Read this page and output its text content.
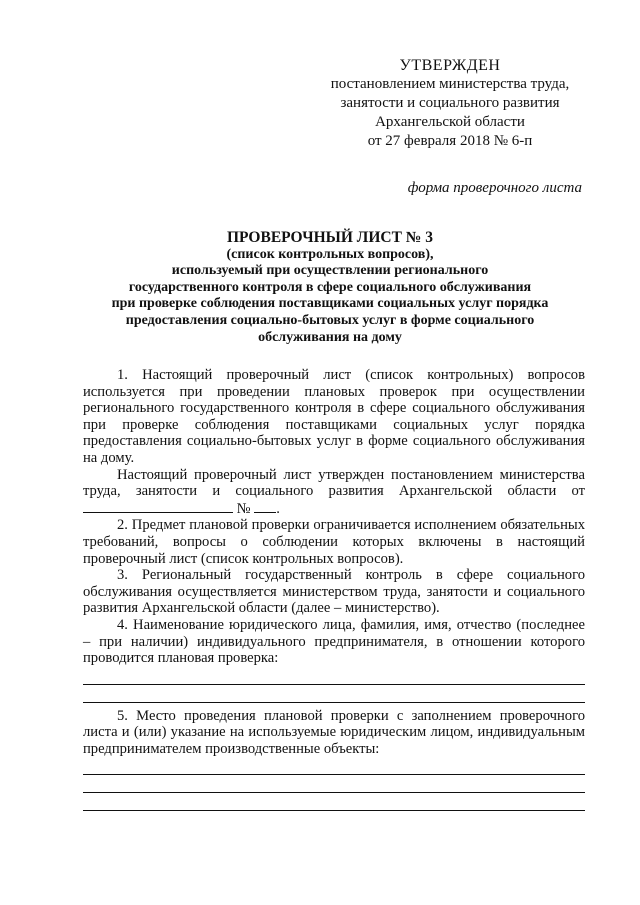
УТВЕРЖДЕН
постановлением министерства труда,
занятости и социального развития
Архангельской области
от 27 февраля 2018 № 6-п
форма проверочного листа
ПРОВЕРОЧНЫЙ ЛИСТ № 3
(список контрольных вопросов),
используемый при осуществлении регионального
государственного контроля в сфере социального обслуживания
при проверке соблюдения поставщиками социальных услуг порядка
предоставления социально-бытовых услуг в форме социального
обслуживания на дому

1. Настоящий проверочный лист (список контрольных) вопросов используется при проведении плановых проверок при осуществлении регионального государственного контроля в сфере социального обслуживания при проверке соблюдения поставщиками социальных услуг порядка предоставления социально-бытовых услуг в форме социального обслуживания на дому.

Настоящий проверочный лист утвержден постановлением министерства труда, занятости и социального развития Архангельской области от  № .

2. Предмет плановой проверки ограничивается исполнением обязательных требований, вопросы о соблюдении которых включены в настоящий проверочный лист (список контрольных вопросов).

3. Региональный государственный контроль в сфере социального обслуживания осуществляется министерством труда, занятости и социального развития Архангельской области (далее – министерство).

4. Наименование юридического лица, фамилия, имя, отчество (последнее – при наличии) индивидуального предпринимателя, в отношении которого проводится плановая проверка:

5. Место проведения плановой проверки с заполнением проверочного листа и (или) указание на используемые юридическим лицом, индивидуальным предпринимателем производственные объекты:
